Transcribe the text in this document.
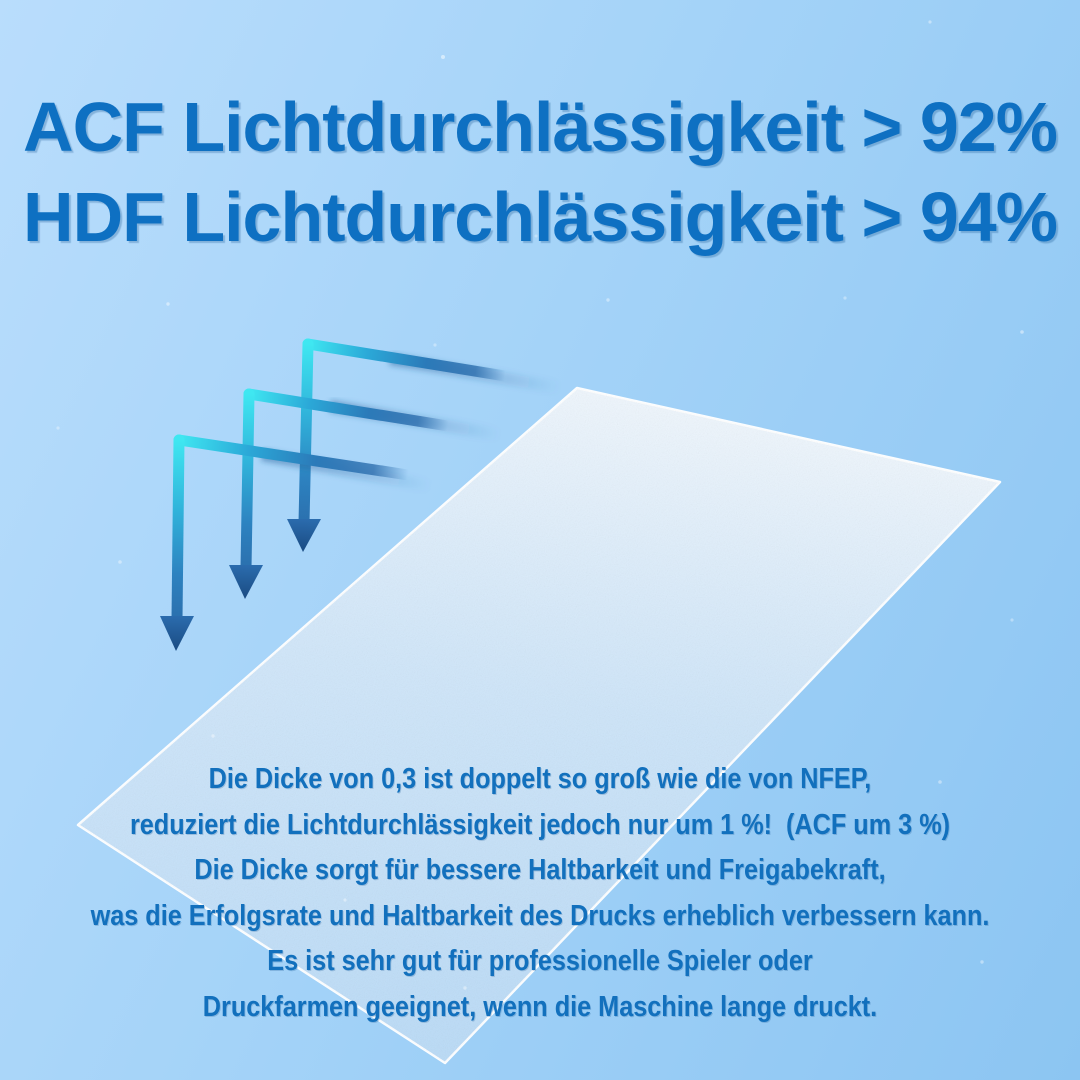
ACF Lichtdurchlässigkeit > 92%
HDF Lichtdurchlässigkeit > 94%
Die Dicke von 0,3 ist doppelt so groß wie die von NFEP,
reduziert die Lichtdurchlässigkeit jedoch nur um 1 %!  (ACF um 3 %)
Die Dicke sorgt für bessere Haltbarkeit und Freigabekraft,
was die Erfolgsrate und Haltbarkeit des Drucks erheblich verbessern kann.
Es ist sehr gut für professionelle Spieler oder
Druckfarmen geeignet, wenn die Maschine lange druckt.
